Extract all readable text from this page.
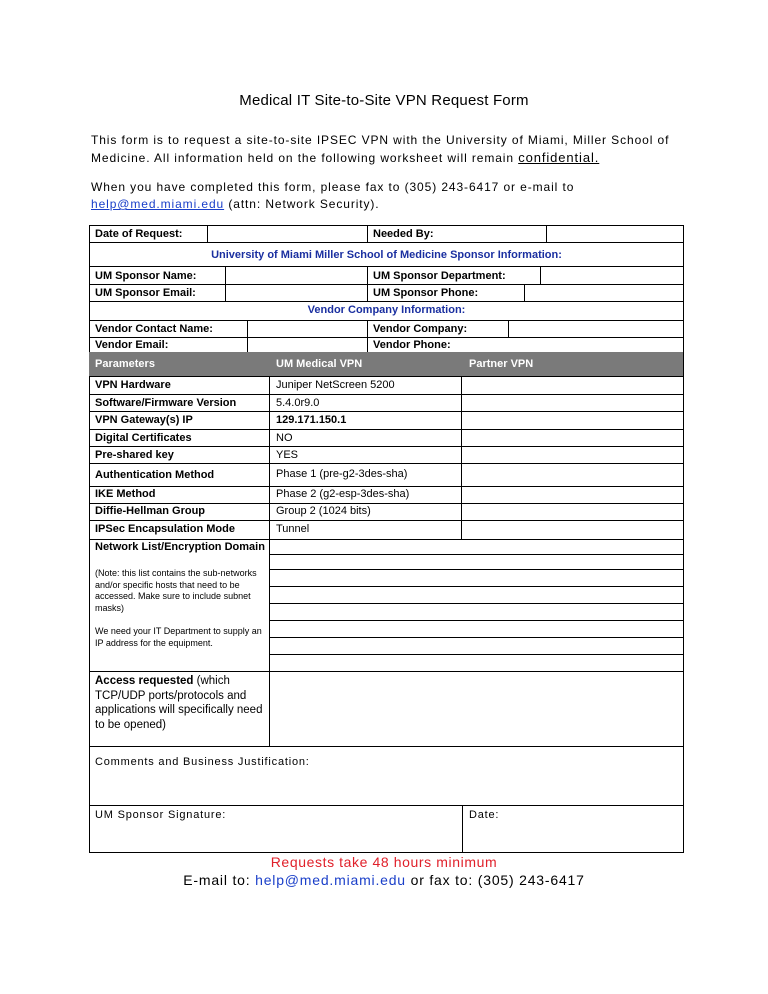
Medical IT Site-to-Site VPN Request Form
This form is to request a site-to-site IPSEC VPN with the University of Miami, Miller School of Medicine. All information held on the following worksheet will remain confidential.
When you have completed this form, please fax to (305) 243-6417 or e-mail to
help@med.miami.edu (attn: Network Security).
Date of Request:	Needed By:
University of Miami Miller School of Medicine Sponsor Information:
UM Sponsor Name:	UM Sponsor Department:
UM Sponsor Email:	UM Sponsor Phone:
Vendor Company Information:
Vendor Contact Name:	Vendor Company:
Vendor Email:	Vendor Phone:
Parameters	UM Medical VPN	Partner VPN
VPN Hardware	Juniper NetScreen 5200
Software/Firmware Version	5.4.0r9.0
VPN Gateway(s) IP	129.171.150.1
Digital Certificates	NO
Pre-shared key	YES
Authentication Method	Phase 1 (pre-g2-3des-sha)
IKE Method	Phase 2 (g2-esp-3des-sha)
Diffie-Hellman Group	Group 2 (1024 bits)
IPSec Encapsulation Mode	Tunnel
Network List/Encryption Domain
(Note: this list contains the sub-networks and/or specific hosts that need to be accessed. Make sure to include subnet masks)
We need your IT Department to supply an IP address for the equipment.
Access requested (which TCP/UDP ports/protocols and applications will specifically need to be opened)
Comments and Business Justification:
UM Sponsor Signature:	Date:
Requests take 48 hours minimum
E-mail to: help@med.miami.edu or fax to: (305) 243-6417
